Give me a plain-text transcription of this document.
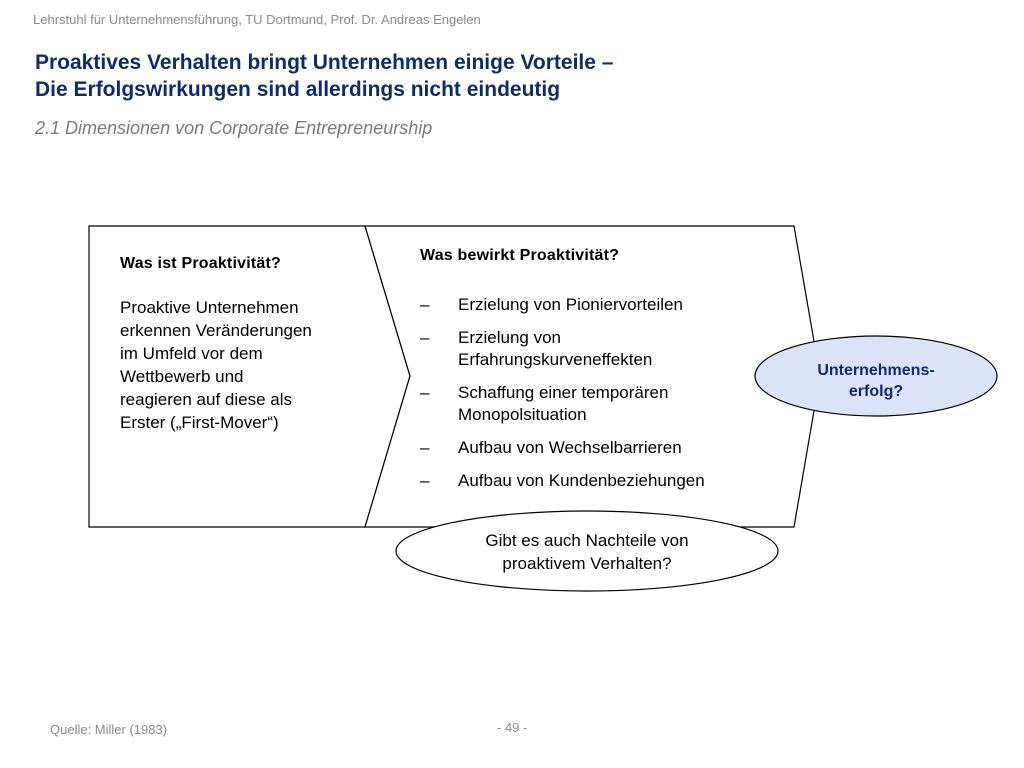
Lehrstuhl für Unternehmensführung, TU Dortmund, Prof. Dr. Andreas Engelen
Proaktives Verhalten bringt Unternehmen einige Vorteile –
Die Erfolgswirkungen sind allerdings nicht eindeutig
2.1 Dimensionen von Corporate Entrepreneurship
Was ist Proaktivität?
Proaktive Unternehmen
erkennen Veränderungen
im Umfeld vor dem
Wettbewerb und
reagieren auf diese als
Erster („First-Mover“)
Was bewirkt Proaktivität?
– Erzielung von Pioniervorteilen
– Erzielung von
Erfahrungskurveneffekten
– Schaffung einer temporären
Monopolsituation
– Aufbau von Wechselbarrieren
– Aufbau von Kundenbeziehungen
Unternehmens-
erfolg?
Gibt es auch Nachteile von
proaktivem Verhalten?
Quelle: Miller (1983)	- 49 -
